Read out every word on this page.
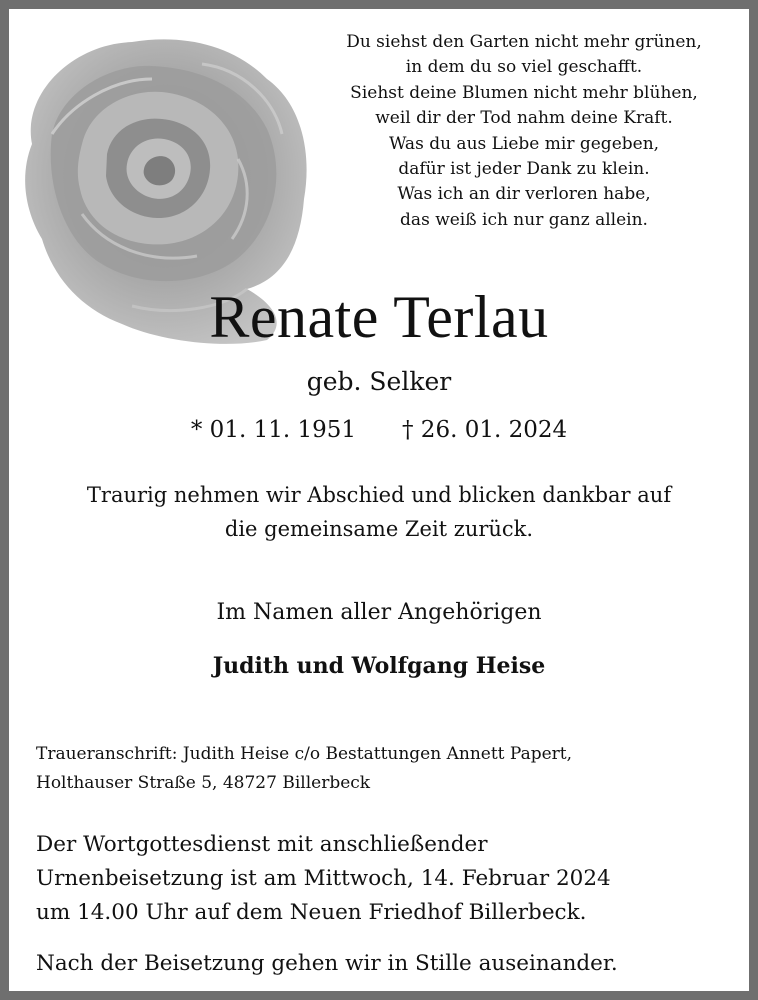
Du siehst den Garten nicht mehr grünen,
in dem du so viel geschafft.
Siehst deine Blumen nicht mehr blühen,
weil dir der Tod nahm deine Kraft.
Was du aus Liebe mir gegeben,
dafür ist jeder Dank zu klein.
Was ich an dir verloren habe,
das weiß ich nur ganz allein.
Renate Terlau
geb. Selker
* 01. 11. 1951 † 26. 01. 2024
Traurig nehmen wir Abschied und blicken dankbar auf
die gemeinsame Zeit zurück.
Im Namen aller Angehörigen
Judith und Wolfgang Heise
Traueranschrift: Judith Heise c/o Bestattungen Annett Papert,
Holthauser Straße 5, 48727 Billerbeck
Der Wortgottesdienst mit anschließender
Urnenbeisetzung ist am Mittwoch, 14. Februar 2024
um 14.00 Uhr auf dem Neuen Friedhof Billerbeck.
Nach der Beisetzung gehen wir in Stille auseinander.
